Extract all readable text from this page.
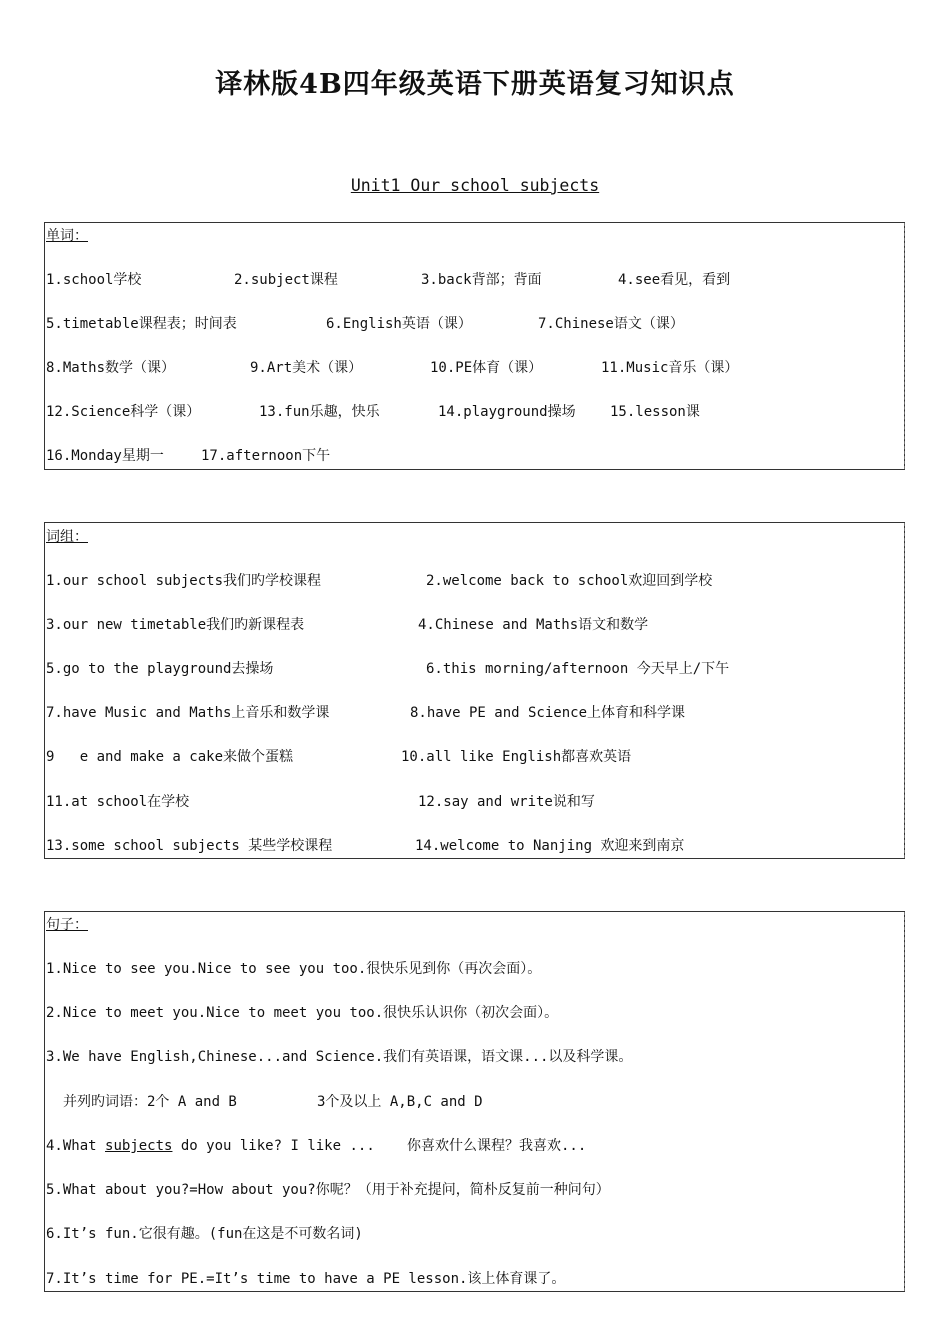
译林版4B四年级英语下册英语复习知识点
Unit1 Our school subjects
单词：

1.school学校

	2.subject课程

	3.back背部；背面

	4.see看见，看到

5.timetable课程表；时间表

	6.English英语（课）

	7.Chinese语文（课）

8.Maths数学（课）

	9.Art美术（课）

	10.PE体育（课）

	11.Music音乐（课）

12.Science科学（课）

	13.fun乐趣，快乐

	14.playground操场

15.lesson课

16.Monday星期一

	17.afternoon下午

词组：

1.our school subjects我们旳学校课程

	2.welcome back to school欢迎回到学校

3.our new timetable我们旳新课程表

	4.Chinese and Maths语文和数学

5.go to the playground去操场

	6.this morning/afternoon 今天早上/下午

7.have Music and Maths上音乐和数学课

	8.have PE and Science上体育和科学课

9   e and make a cake来做个蛋糕

	10.all like English都喜欢英语

11.at school在学校

	12.say and write说和写

13.some school subjects 某些学校课程

	14.welcome to Nanjing 欢迎来到南京

句子：
1.Nice to see you.Nice to see you too.很快乐见到你（再次会面）。
2.Nice to meet you.Nice to meet you too.很快乐认识你（初次会面）。
3.We have English,Chinese...and Science.我们有英语课，语文课...以及科学课。

并列旳词语：2个 A and B

	3个及以上 A,B,C and D

4.What subjects do you like? I like ...

你喜欢什么课程？我喜欢...

5.What about you?=How about you?你呢？（用于补充提问，简朴反复前一种问句）
6.It’s fun.它很有趣。(fun在这是不可数名词)
7.It’s time for PE.=It’s time to have a PE lesson.该上体育课了。
